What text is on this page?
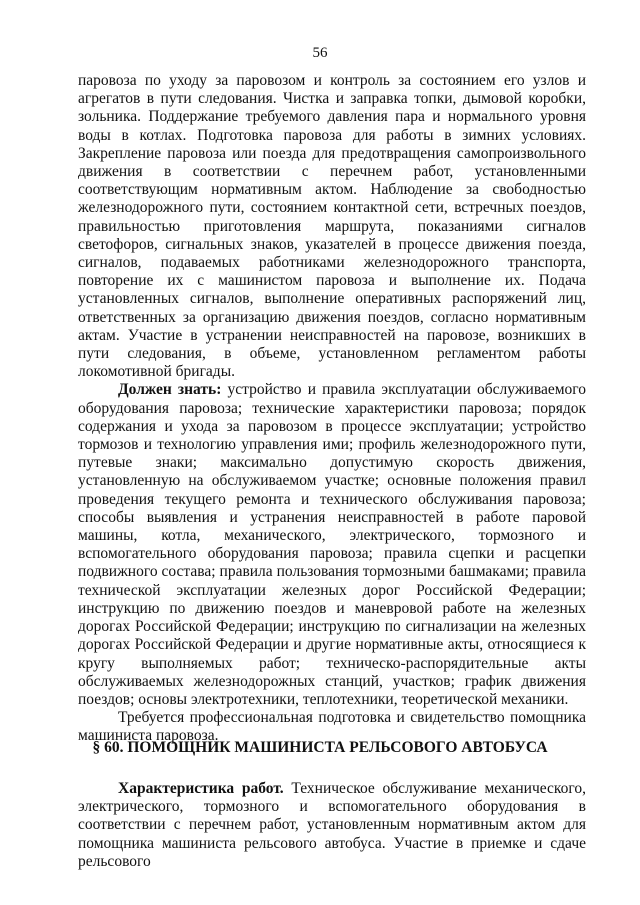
56

паровоза по уходу за паровозом и контроль за состоянием его узлов и агрегатов в пути следования. Чистка и заправка топки, дымовой коробки, зольника. Поддержание требуемого давления пара и нормального уровня воды в котлах. Подготовка паровоза для работы в зимних условиях. Закрепление паровоза или поезда для предотвращения самопроизвольного движения в соответствии с перечнем работ, установленными соответствующим нормативным актом. Наблюдение за свободностью железнодорожного пути, состоянием контактной сети, встречных поездов, правильностью приготовления маршрута, показаниями сигналов светофоров, сигнальных знаков, указателей в процессе движения поезда, сигналов, подаваемых работниками железнодорожного транспорта, повторение их с машинистом паровоза и выполнение их. Подача установленных сигналов, выполнение оперативных распоряжений лиц, ответственных за организацию движения поездов, согласно нормативным актам. Участие в устранении неисправностей на паровозе, возникших в пути следования, в объеме, установленном регламентом работы локомотивной бригады.

Должен знать: устройство и правила эксплуатации обслуживаемого оборудования паровоза; технические характеристики паровоза; порядок содержания и ухода за паровозом в процессе эксплуатации; устройство тормозов и технологию управления ими; профиль железнодорожного пути, путевые знаки; максимально допустимую скорость движения, установленную на обслуживаемом участке; основные положения правил проведения текущего ремонта и технического обслуживания паровоза; способы выявления и устранения неисправностей в работе паровой машины, котла, механического, электрического, тормозного и вспомогательного оборудования паровоза; правила сцепки и расцепки подвижного состава; правила пользования тормозными башмаками; правила технической эксплуатации железных дорог Российской Федерации; инструкцию по движению поездов и маневровой работе на железных дорогах Российской Федерации; инструкцию по сигнализации на железных дорогах Российской Федерации и другие нормативные акты, относящиеся к кругу выполняемых работ; техническо-распорядительные акты обслуживаемых железнодорожных станций, участков; график движения поездов; основы электротехники, теплотехники, теоретической механики.

Требуется профессиональная подготовка и свидетельство помощника машиниста паровоза.

§ 60. ПОМОЩНИК МАШИНИСТА РЕЛЬСОВОГО АВТОБУСА

Характеристика работ. Техническое обслуживание механического, электрического, тормозного и вспомогательного оборудования в соответствии с перечнем работ, установленным нормативным актом для помощника машиниста рельсового автобуса. Участие в приемке и сдаче рельсового
